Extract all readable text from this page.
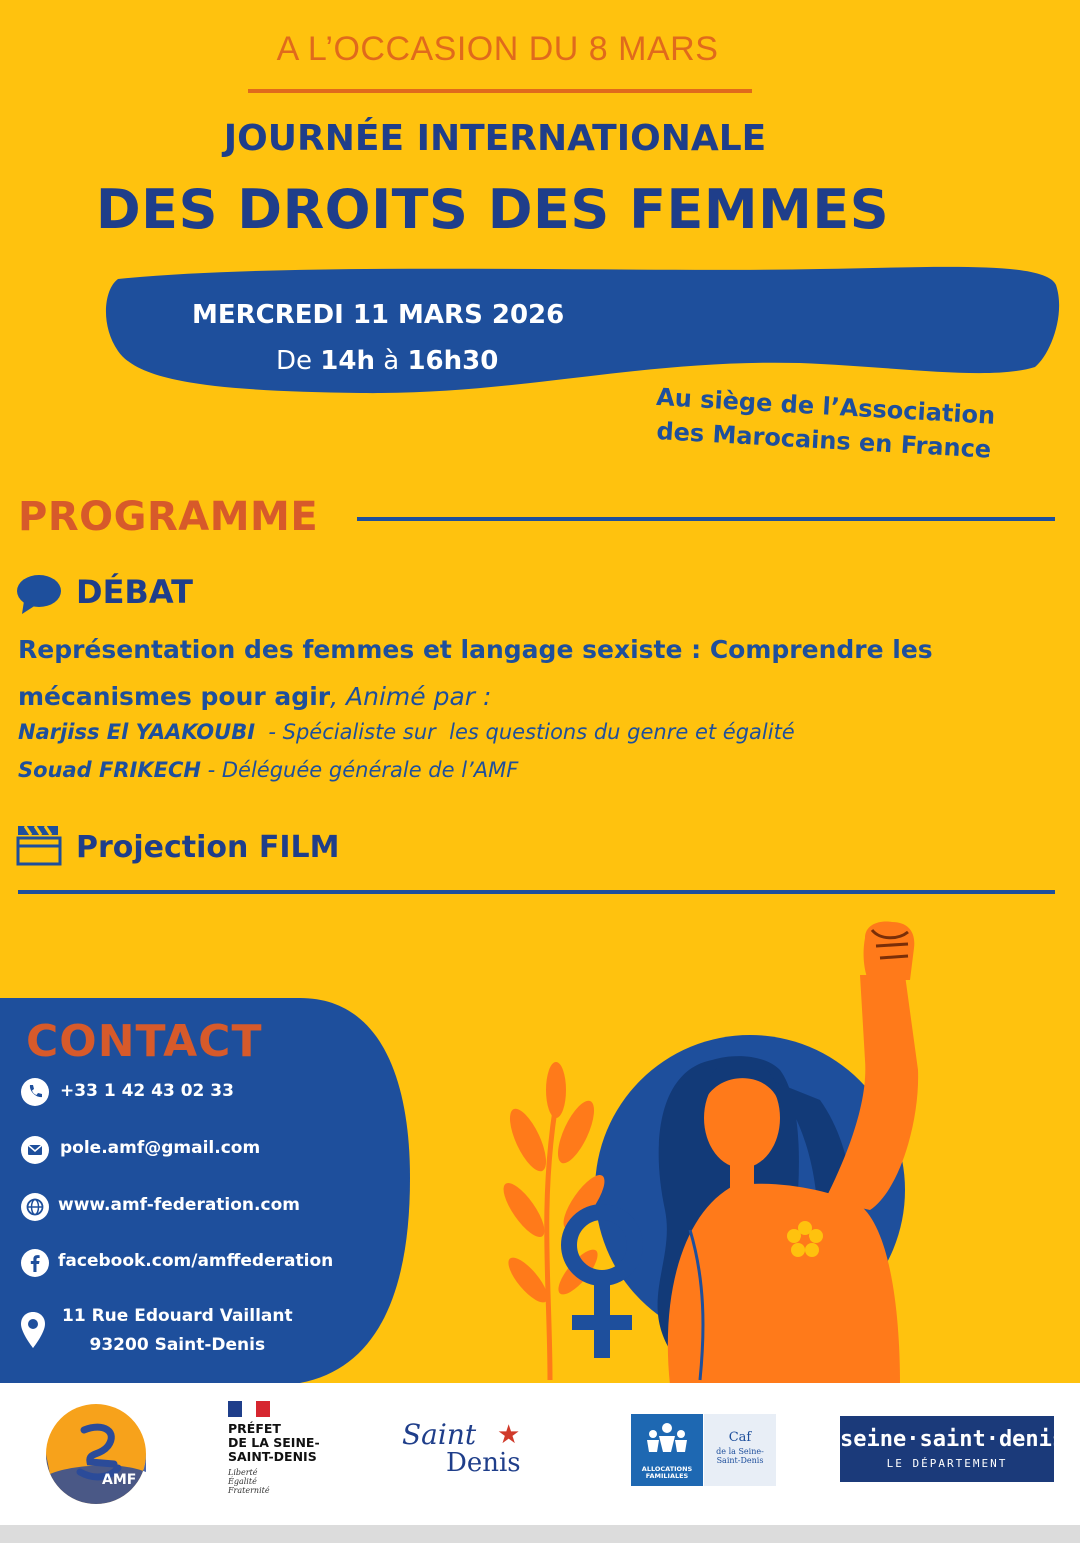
A L’OCCASION DU 8 MARS
JOURNÉE INTERNATIONALE
DES DROITS DES FEMMES
MERCREDI 11 MARS 2026
De 14h à 16h30
Au siège de l’Association
des Marocains en France
PROGRAMME
DÉBAT
Représentation des femmes et langage sexiste : Comprendre les mécanismes pour agir, Animé par :
Narjiss El YAAKOUBI  - Spécialiste sur  les questions du genre et égalité
Souad FRIKECH - Déléguée générale de l’AMF
Projection FILM
CONTACT
+33 1 42 43 02 33
pole.amf@gmail.com
www.amf-federation.com
facebook.com/amffederation
11 Rue Edouard Vaillant
93200 Saint-Denis
AMF
PRÉFET
DE LA SEINE-
SAINT-DENIS
Liberté
Égalité
Fraternité
Saint ★
Denis	ALLOCATIONS
FAMILIALES
Caf
de la Seine-
Saint-Denis
seine·saint·denis
LE DÉPARTEMENT
